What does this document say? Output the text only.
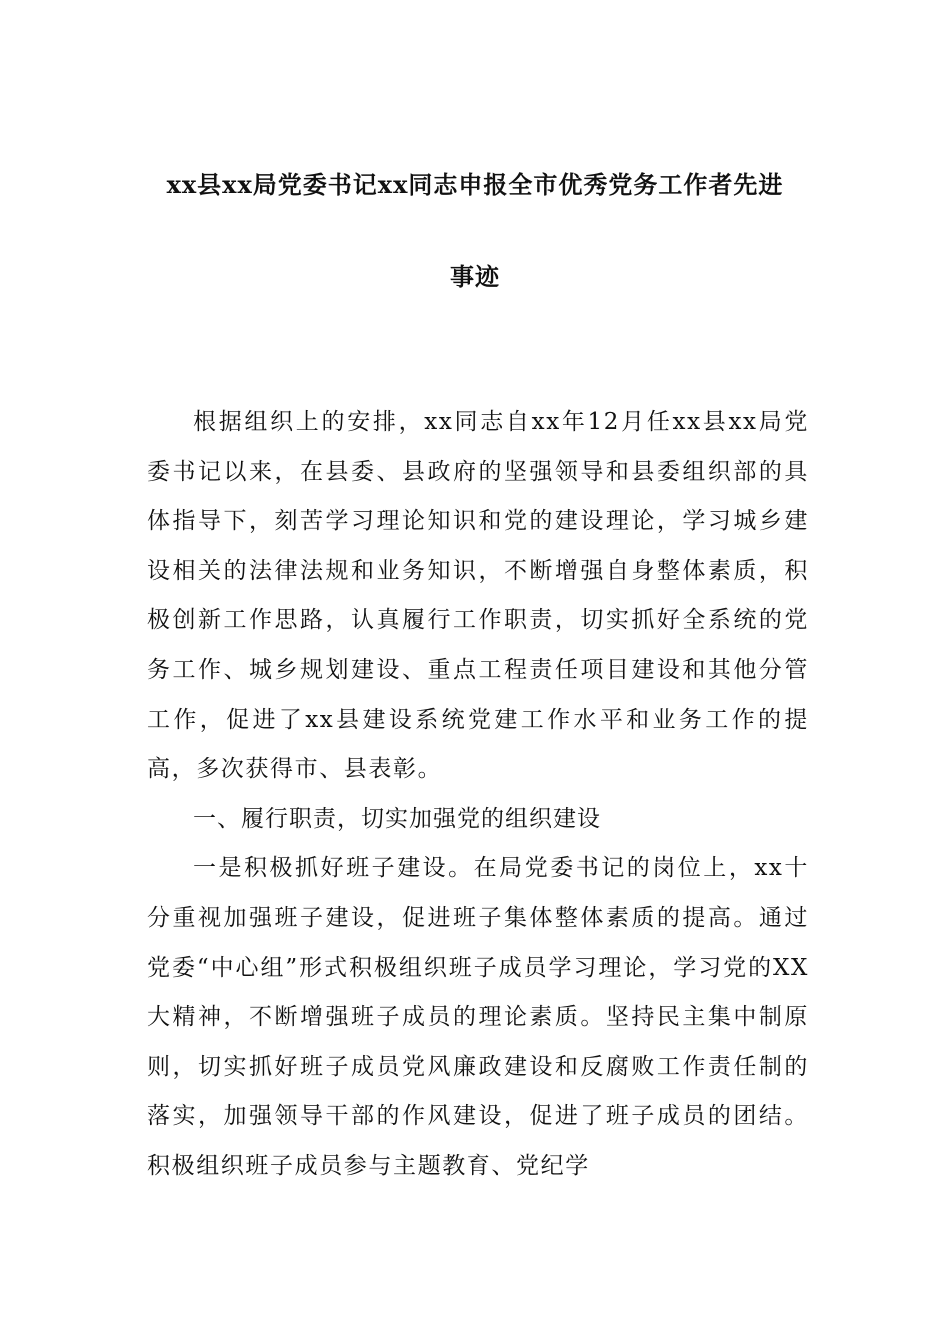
xx县xx局党委书记xx同志申报全市优秀党务工作者先进
事迹

根据组织上的安排，xx同志自xx年12月任xx县xx局党委书记以来，在县委、县政府的坚强领导和县委组织部的具体指导下，刻苦学习理论知识和党的建设理论，学习城乡建设相关的法律法规和业务知识，不断增强自身整体素质，积极创新工作思路，认真履行工作职责，切实抓好全系统的党务工作、城乡规划建设、重点工程责任项目建设和其他分管工作，促进了xx县建设系统党建工作水平和业务工作的提高，多次获得市、县表彰。

一、履行职责，切实加强党的组织建设

一是积极抓好班子建设。在局党委书记的岗位上，xx十分重视加强班子建设，促进班子集体整体素质的提高。通过党委“中心组”形式积极组织班子成员学习理论，学习党的XX大精神，不断增强班子成员的理论素质。坚持民主集中制原则，切实抓好班子成员党风廉政建设和反腐败工作责任制的落实，加强领导干部的作风建设，促进了班子成员的团结。积极组织班子成员参与主题教育、党纪学
